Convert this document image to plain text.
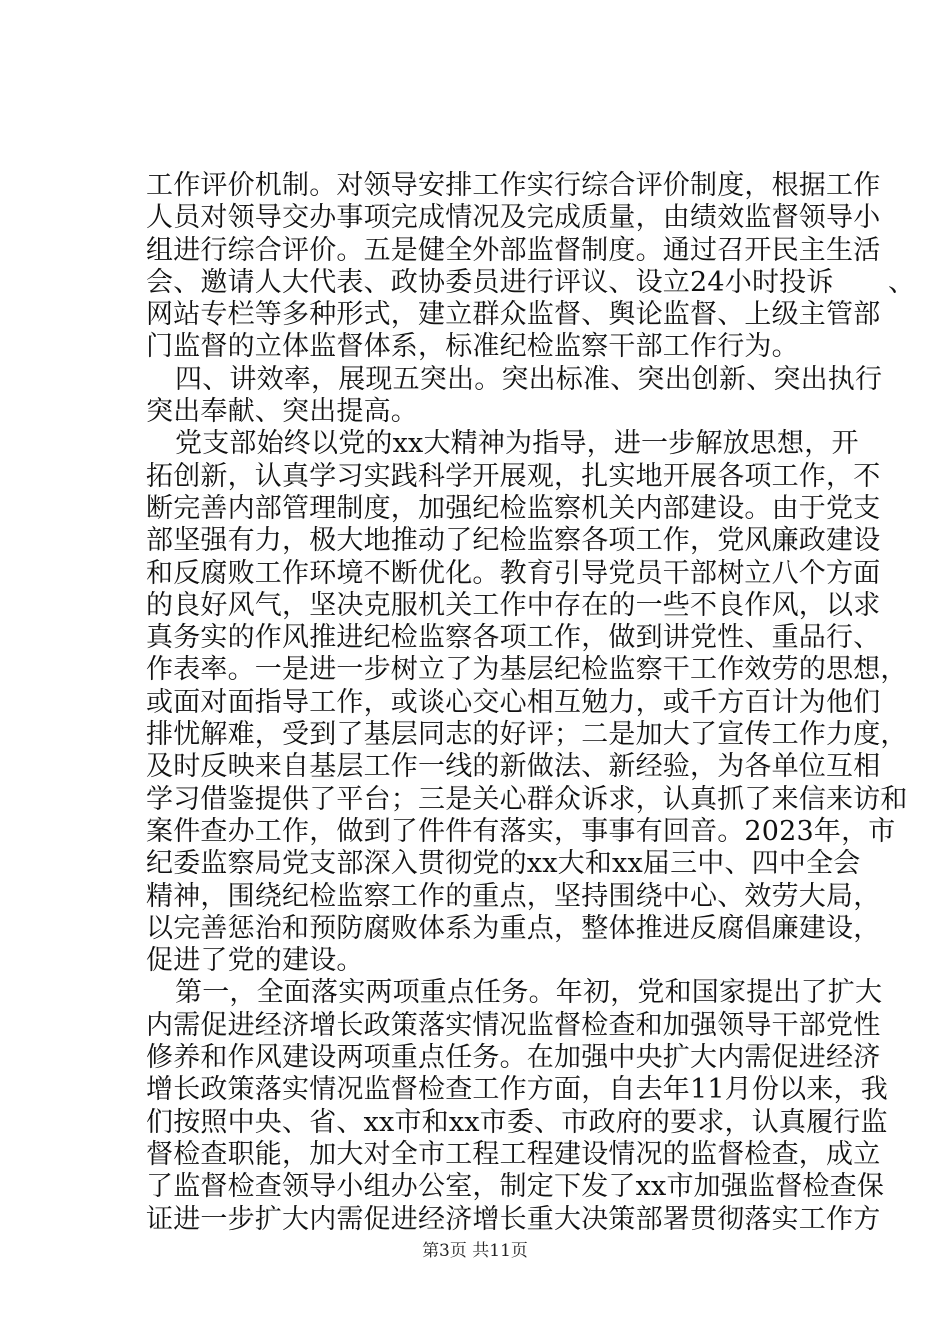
工作评价机制。对领导安排工作实行综合评价制度，根据工作
人员对领导交办事项完成情况及完成质量，由绩效监督领导小
组进行综合评价。五是健全外部监督制度。通过召开民主生活
会、邀请人大代表、政协委员进行评议、设立24小时投诉　　、
网站专栏等多种形式，建立群众监督、舆论监督、上级主管部
门监督的立体监督体系，标准纪检监察干部工作行为。
四、讲效率，展现五突出。突出标准、突出创新、突出执行
突出奉献、突出提高。
党支部始终以党的xx大精神为指导，进一步解放思想，开
拓创新，认真学习实践科学开展观，扎实地开展各项工作，不
断完善内部管理制度，加强纪检监察机关内部建设。由于党支
部坚强有力，极大地推动了纪检监察各项工作，党风廉政建设
和反腐败工作环境不断优化。教育引导党员干部树立八个方面
的良好风气，坚决克服机关工作中存在的一些不良作风，以求
真务实的作风推进纪检监察各项工作，做到讲党性、重品行、
作表率。一是进一步树立了为基层纪检监察干工作效劳的思想，
或面对面指导工作，或谈心交心相互勉力，或千方百计为他们
排忧解难，受到了基层同志的好评；二是加大了宣传工作力度，
及时反映来自基层工作一线的新做法、新经验，为各单位互相
学习借鉴提供了平台；三是关心群众诉求，认真抓了来信来访和
案件查办工作，做到了件件有落实，事事有回音。2023年，市
纪委监察局党支部深入贯彻党的xx大和xx届三中、四中全会
精神，围绕纪检监察工作的重点，坚持围绕中心、效劳大局，
以完善惩治和预防腐败体系为重点，整体推进反腐倡廉建设，
促进了党的建设。
第一，全面落实两项重点任务。年初，党和国家提出了扩大
内需促进经济增长政策落实情况监督检查和加强领导干部党性
修养和作风建设两项重点任务。在加强中央扩大内需促进经济
增长政策落实情况监督检查工作方面，自去年11月份以来，我
们按照中央、省、xx市和xx市委、市政府的要求，认真履行监
督检查职能，加大对全市工程工程建设情况的监督检查，成立
了监督检查领导小组办公室，制定下发了xx市加强监督检查保
证进一步扩大内需促进经济增长重大决策部署贯彻落实工作方
第3页 共11页
